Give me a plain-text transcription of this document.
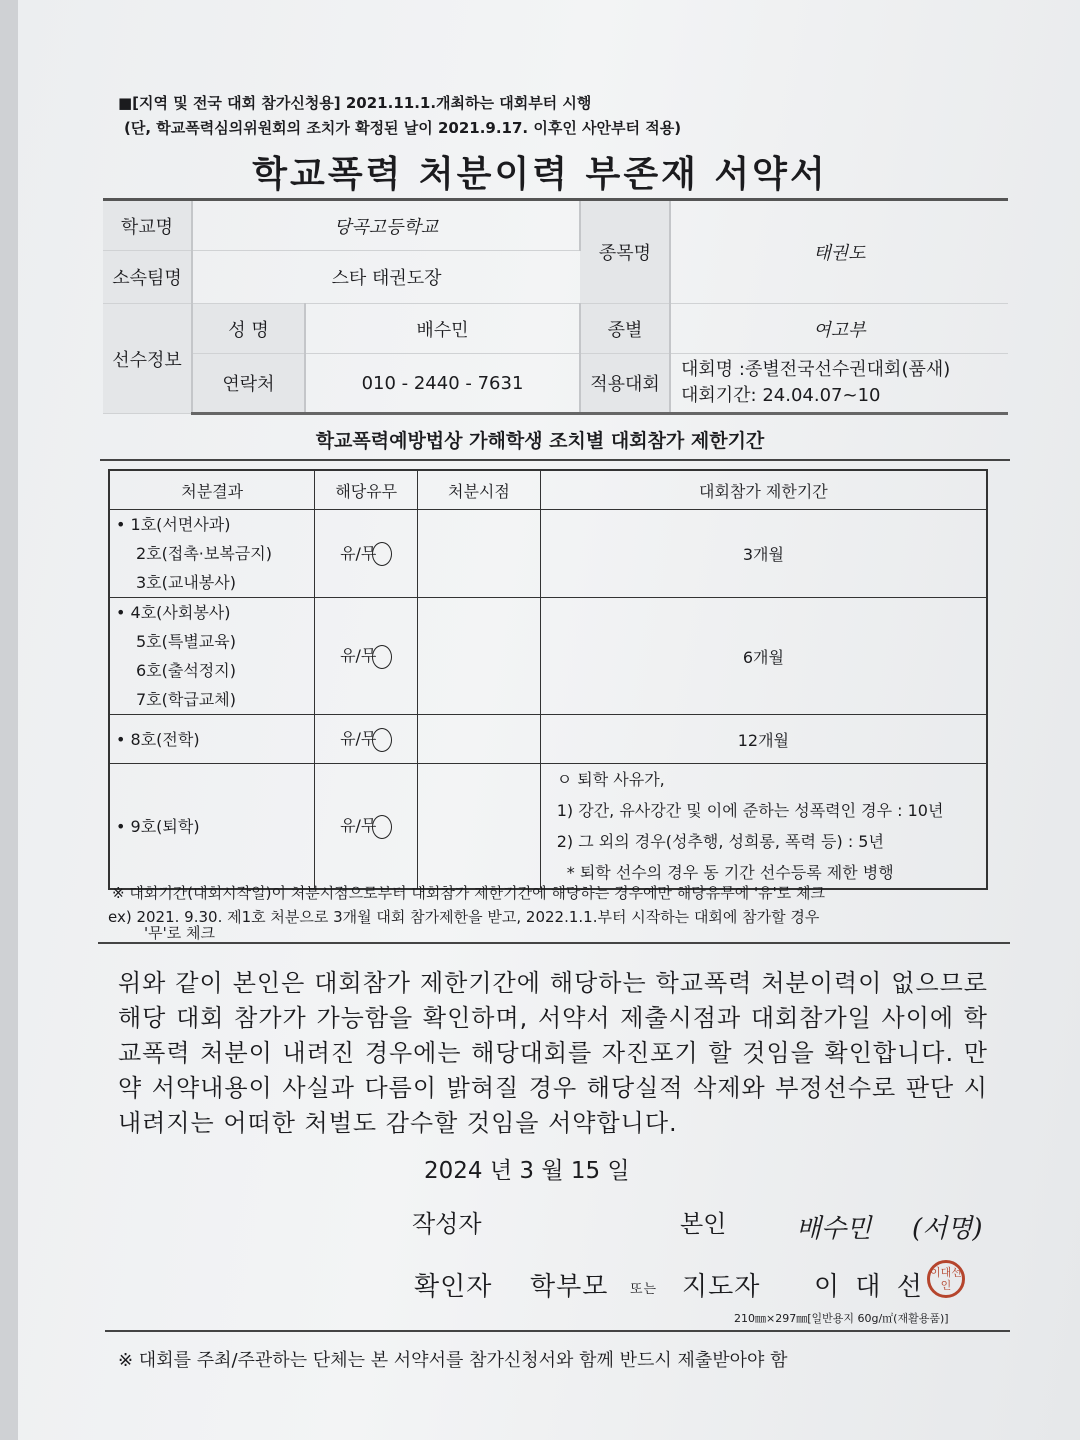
■[지역 및 전국 대회 참가신청용] 2021.11.1.개최하는 대회부터 시행
(단, 학교폭력심의위원회의 조치가 확정된 날이 2021.9.17. 이후인 사안부터 적용)
학교폭력 처분이력 부존재 서약서
학교명	당곡고등학교		종목명	태권도
소속팀명	스타 태권도장			
선수정보	성 명	배수민	종별	여고부
	연락처	010 - 2440 - 7631	적용대회	대회명 :종별전국선수권대회(품새)
대회기간: 24.04.07~10
학교폭력예방법상 가해학생 조치별 대회참가 제한기간
처분결과	해당유무	처분시점	대회참가 제한기간

• 1호(서면사과)
2호(접촉·보복금지)
3호(교내봉사)	유/무		3개월

• 4호(사회봉사)
5호(특별교육)
6호(출석정지)
7호(학급교체)	유/무		6개월

• 8호(전학)	유/무		12개월

• 9호(퇴학)	유/무		ㅇ 퇴학 사유가,
1) 강간, 유사강간 및 이에 준하는 성폭력인 경우 : 10년
2) 그 외의 경우(성추행, 성희롱, 폭력 등) : 5년
* 퇴학 선수의 경우 동 기간 선수등록 제한 병행
※ 대회기간(대회시작일)이 처분시점으로부터 대회참가 제한기간에 해당하는 경우에만 해당유무에 '유'로 체크
ex) 2021. 9.30. 제1호 처분으로 3개월 대회 참가제한을 받고, 2022.1.1.부터 시작하는 대회에 참가할 경우
'무'로 체크
위와 같이 본인은 대회참가 제한기간에 해당하는 학교폭력 처분이력이 없으므로 해당 대회 참가가 가능함을 확인하며, 서약서 제출시점과 대회참가일 사이에 학교폭력 처분이 내려진 경우에는 해당대회를 자진포기 할 것임을 확인합니다. 만약 서약내용이 사실과 다름이 밝혀질 경우 해당실적 삭제와 부정선수로 판단 시 내려지는 어떠한 처벌도 감수할 것임을 서약합니다.
2024 년 3 월 15 일
작성자	본인	배수민 (서명)
확인자 학부모 또는 지도자 이 대 선 이대선인
210㎜×297㎜[일반용지 60g/㎡(재활용품)]
※ 대회를 주최/주관하는 단체는 본 서약서를 참가신청서와 함께 반드시 제출받아야 함
